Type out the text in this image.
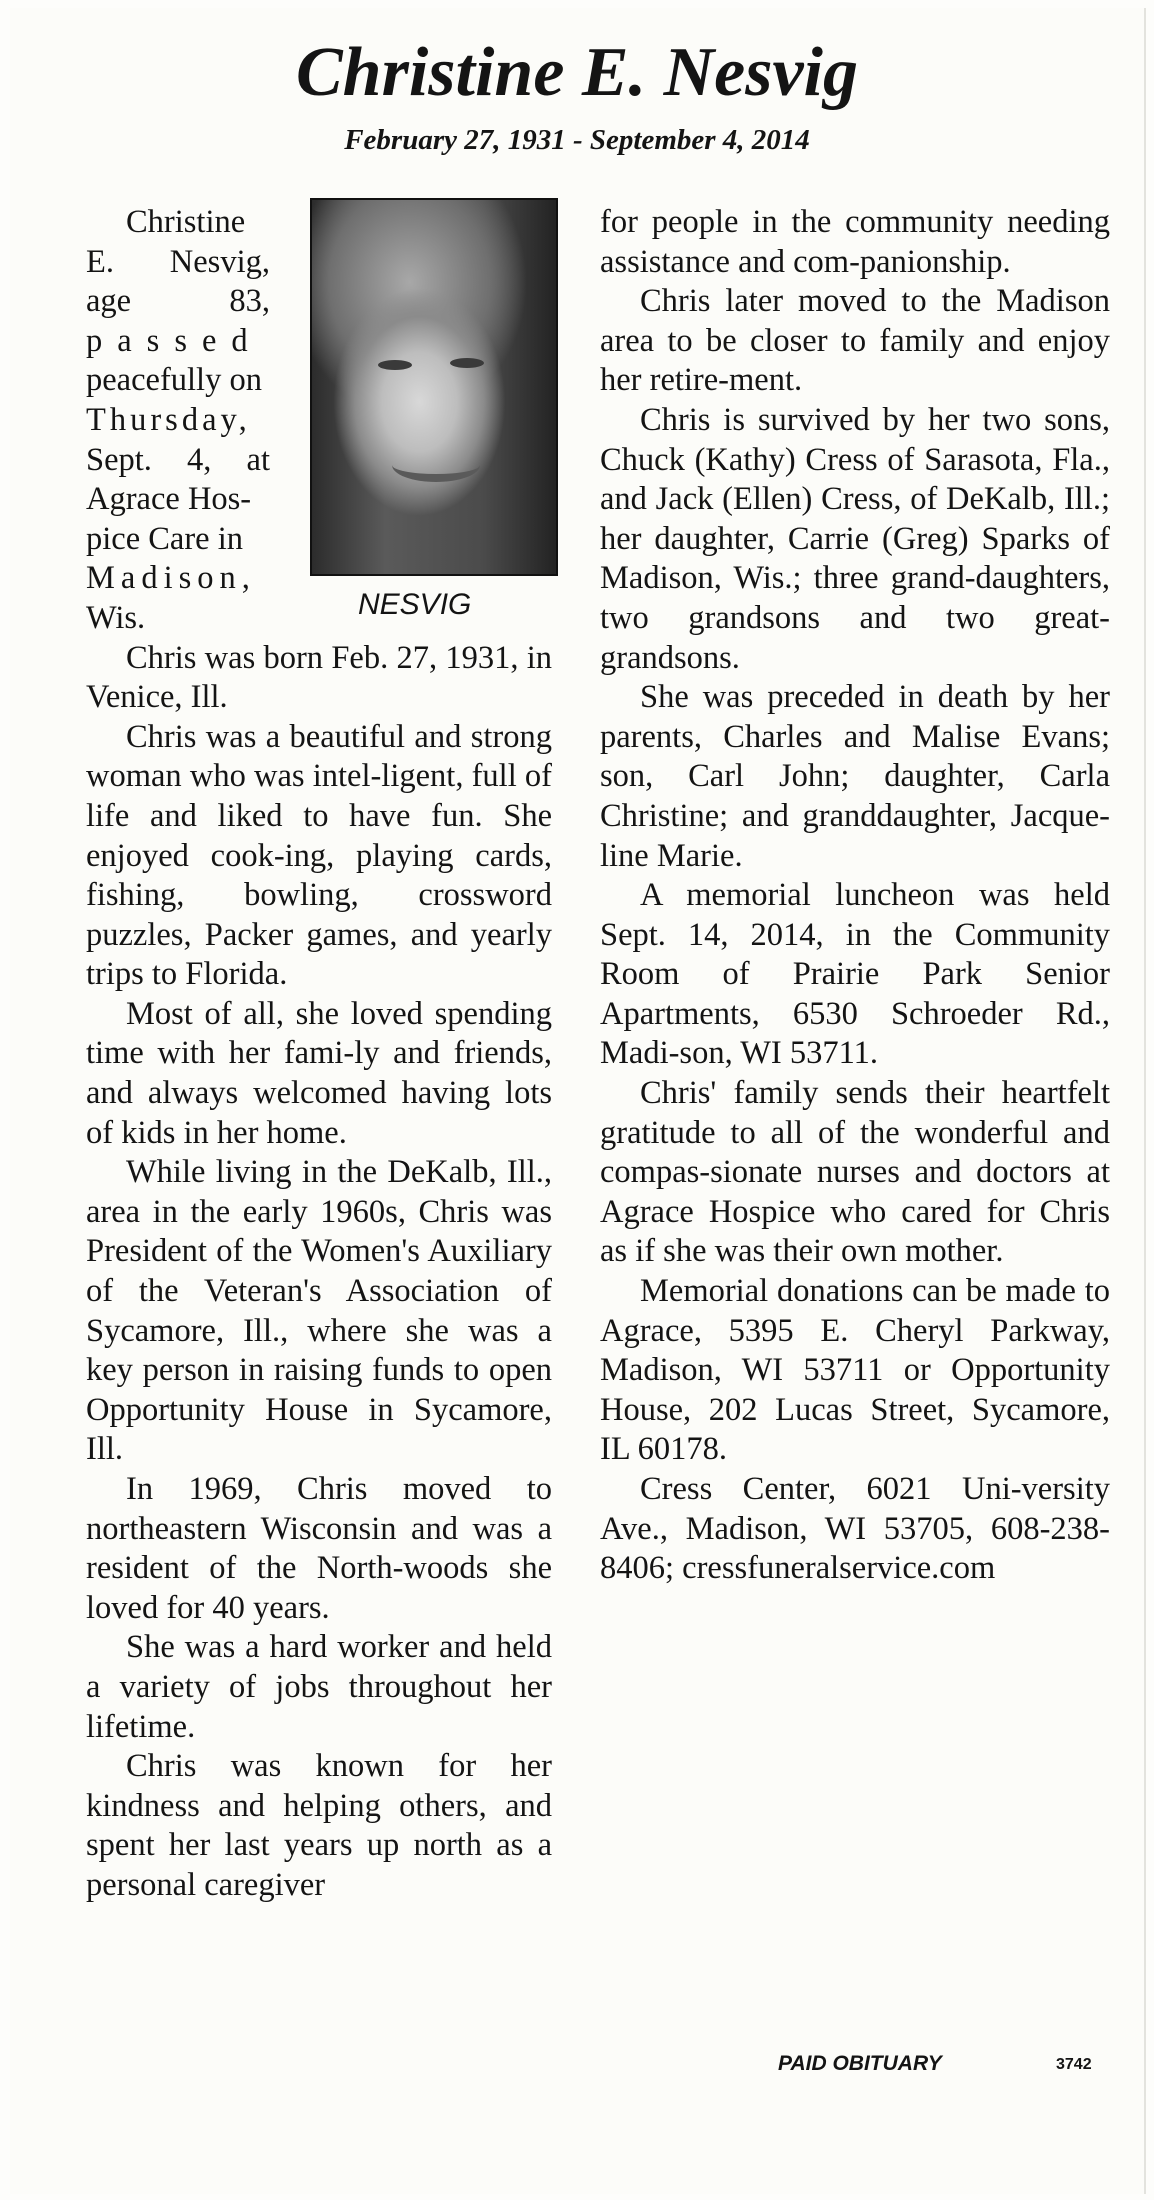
Christine E. Nesvig
February 27, 1931 - September 4, 2014
NESVIG
Christine
E. Nesvig,
age 83,
passed
peacefully on
Thursday,
Sept. 4, at
Agrace Hos-
pice Care in
Madison,
Wis.

Chris was born Feb. 27, 1931, in Venice, Ill.

Chris was a beautiful and strong woman who was intel-ligent, full of life and liked to have fun. She enjoyed cook-ing, playing cards, fishing, bowling, crossword puzzles, Packer games, and yearly trips to Florida.

Most of all, she loved spending time with her fami-ly and friends, and always welcomed having lots of kids in her home.

While living in the DeKalb, Ill., area in the early 1960s, Chris was President of the Women's Auxiliary of the Veteran's Association of Sycamore, Ill., where she was a key person in raising funds to open Opportunity House in Sycamore, Ill.

In 1969, Chris moved to northeastern Wisconsin and was a resident of the North-woods she loved for 40 years.

She was a hard worker and held a variety of jobs throughout her lifetime.

Chris was known for her kindness and helping others, and spent her last years up north as a personal caregiver

for people in the community needing assistance and com-panionship.

Chris later moved to the Madison area to be closer to family and enjoy her retire-ment.

Chris is survived by her two sons, Chuck (Kathy) Cress of Sarasota, Fla., and Jack (Ellen) Cress, of DeKalb, Ill.; her daughter, Carrie (Greg) Sparks of Madison, Wis.; three grand-daughters, two grandsons and two great-grandsons.

She was preceded in death by her parents, Charles and Malise Evans; son, Carl John; daughter, Carla Christine; and granddaughter, Jacque-line Marie.

A memorial luncheon was held Sept. 14, 2014, in the Community Room of Prairie Park Senior Apartments, 6530 Schroeder Rd., Madi-son, WI 53711.

Chris' family sends their heartfelt gratitude to all of the wonderful and compas-sionate nurses and doctors at Agrace Hospice who cared for Chris as if she was their own mother.

Memorial donations can be made to Agrace, 5395 E. Cheryl Parkway, Madison, WI 53711 or Opportunity House, 202 Lucas Street, Sycamore, IL 60178.

Cress Center, 6021 Uni-versity Ave., Madison, WI 53705, 608-238-8406; cressfuneralservice.com

PAID OBITUARY	3742
